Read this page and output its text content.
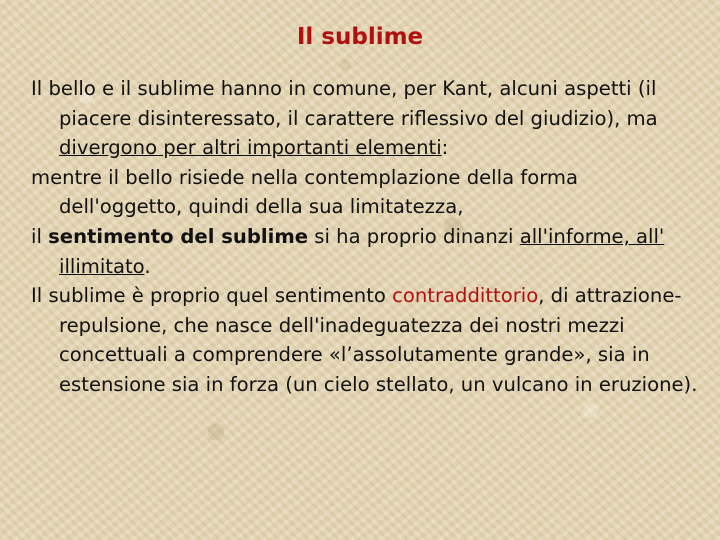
Il sublime

Il bello e il sublime hanno in comune, per Kant, alcuni aspetti (il piacere disinteressato, il carattere riflessivo del giudizio), ma divergono per altri importanti elementi:

mentre il bello risiede nella contemplazione della forma dell'oggetto, quindi della sua limitatezza,

il sentimento del sublime si ha proprio dinanzi all'informe, all' illimitato.

Il sublime è proprio quel sentimento contraddittorio, di attrazione-repulsione, che nasce dell'inadeguatezza dei nostri mezzi concettuali a comprendere «l’assolutamente grande», sia in estensione sia in forza (un cielo stellato, un vulcano in eruzione).
